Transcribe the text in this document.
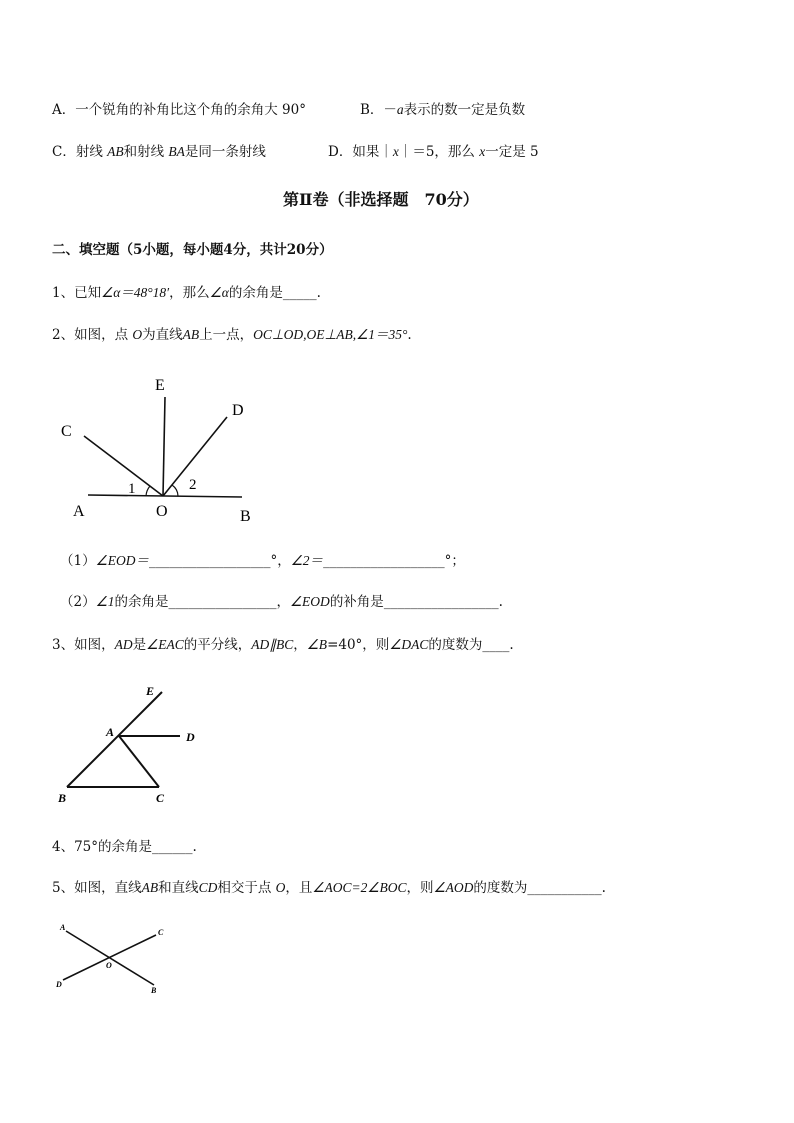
A．一个锐角的补角比这个角的余角大 90°	B．－a表示的数一定是负数
C．射线 AB和射线 BA是同一条射线	D．如果｜x｜＝5，那么 x一定是 5
第Ⅱ卷（非选择题　70分）
二、填空题（5小题，每小题4分，共计20分）
1、已知∠α＝48°18′，那么∠α的余角是_____.
2、如图，点 O为直线AB上一点，OC⊥OD,OE⊥AB,∠1＝35°.
E
D
C
1	2
A	O	B
E
A	D
B	C
A
C
O
D
B
（1）∠EOD＝__________________°，∠2＝__________________°；
（2）∠1的余角是________________，∠EOD的补角是_________________.
3、如图，AD是∠EAC的平分线，AD∥BC，∠B=40°，则∠DAC的度数为____.
4、75°的余角是______.
5、如图，直线AB和直线CD相交于点 O，且∠AOC=2∠BOC，则∠AOD的度数为___________.
